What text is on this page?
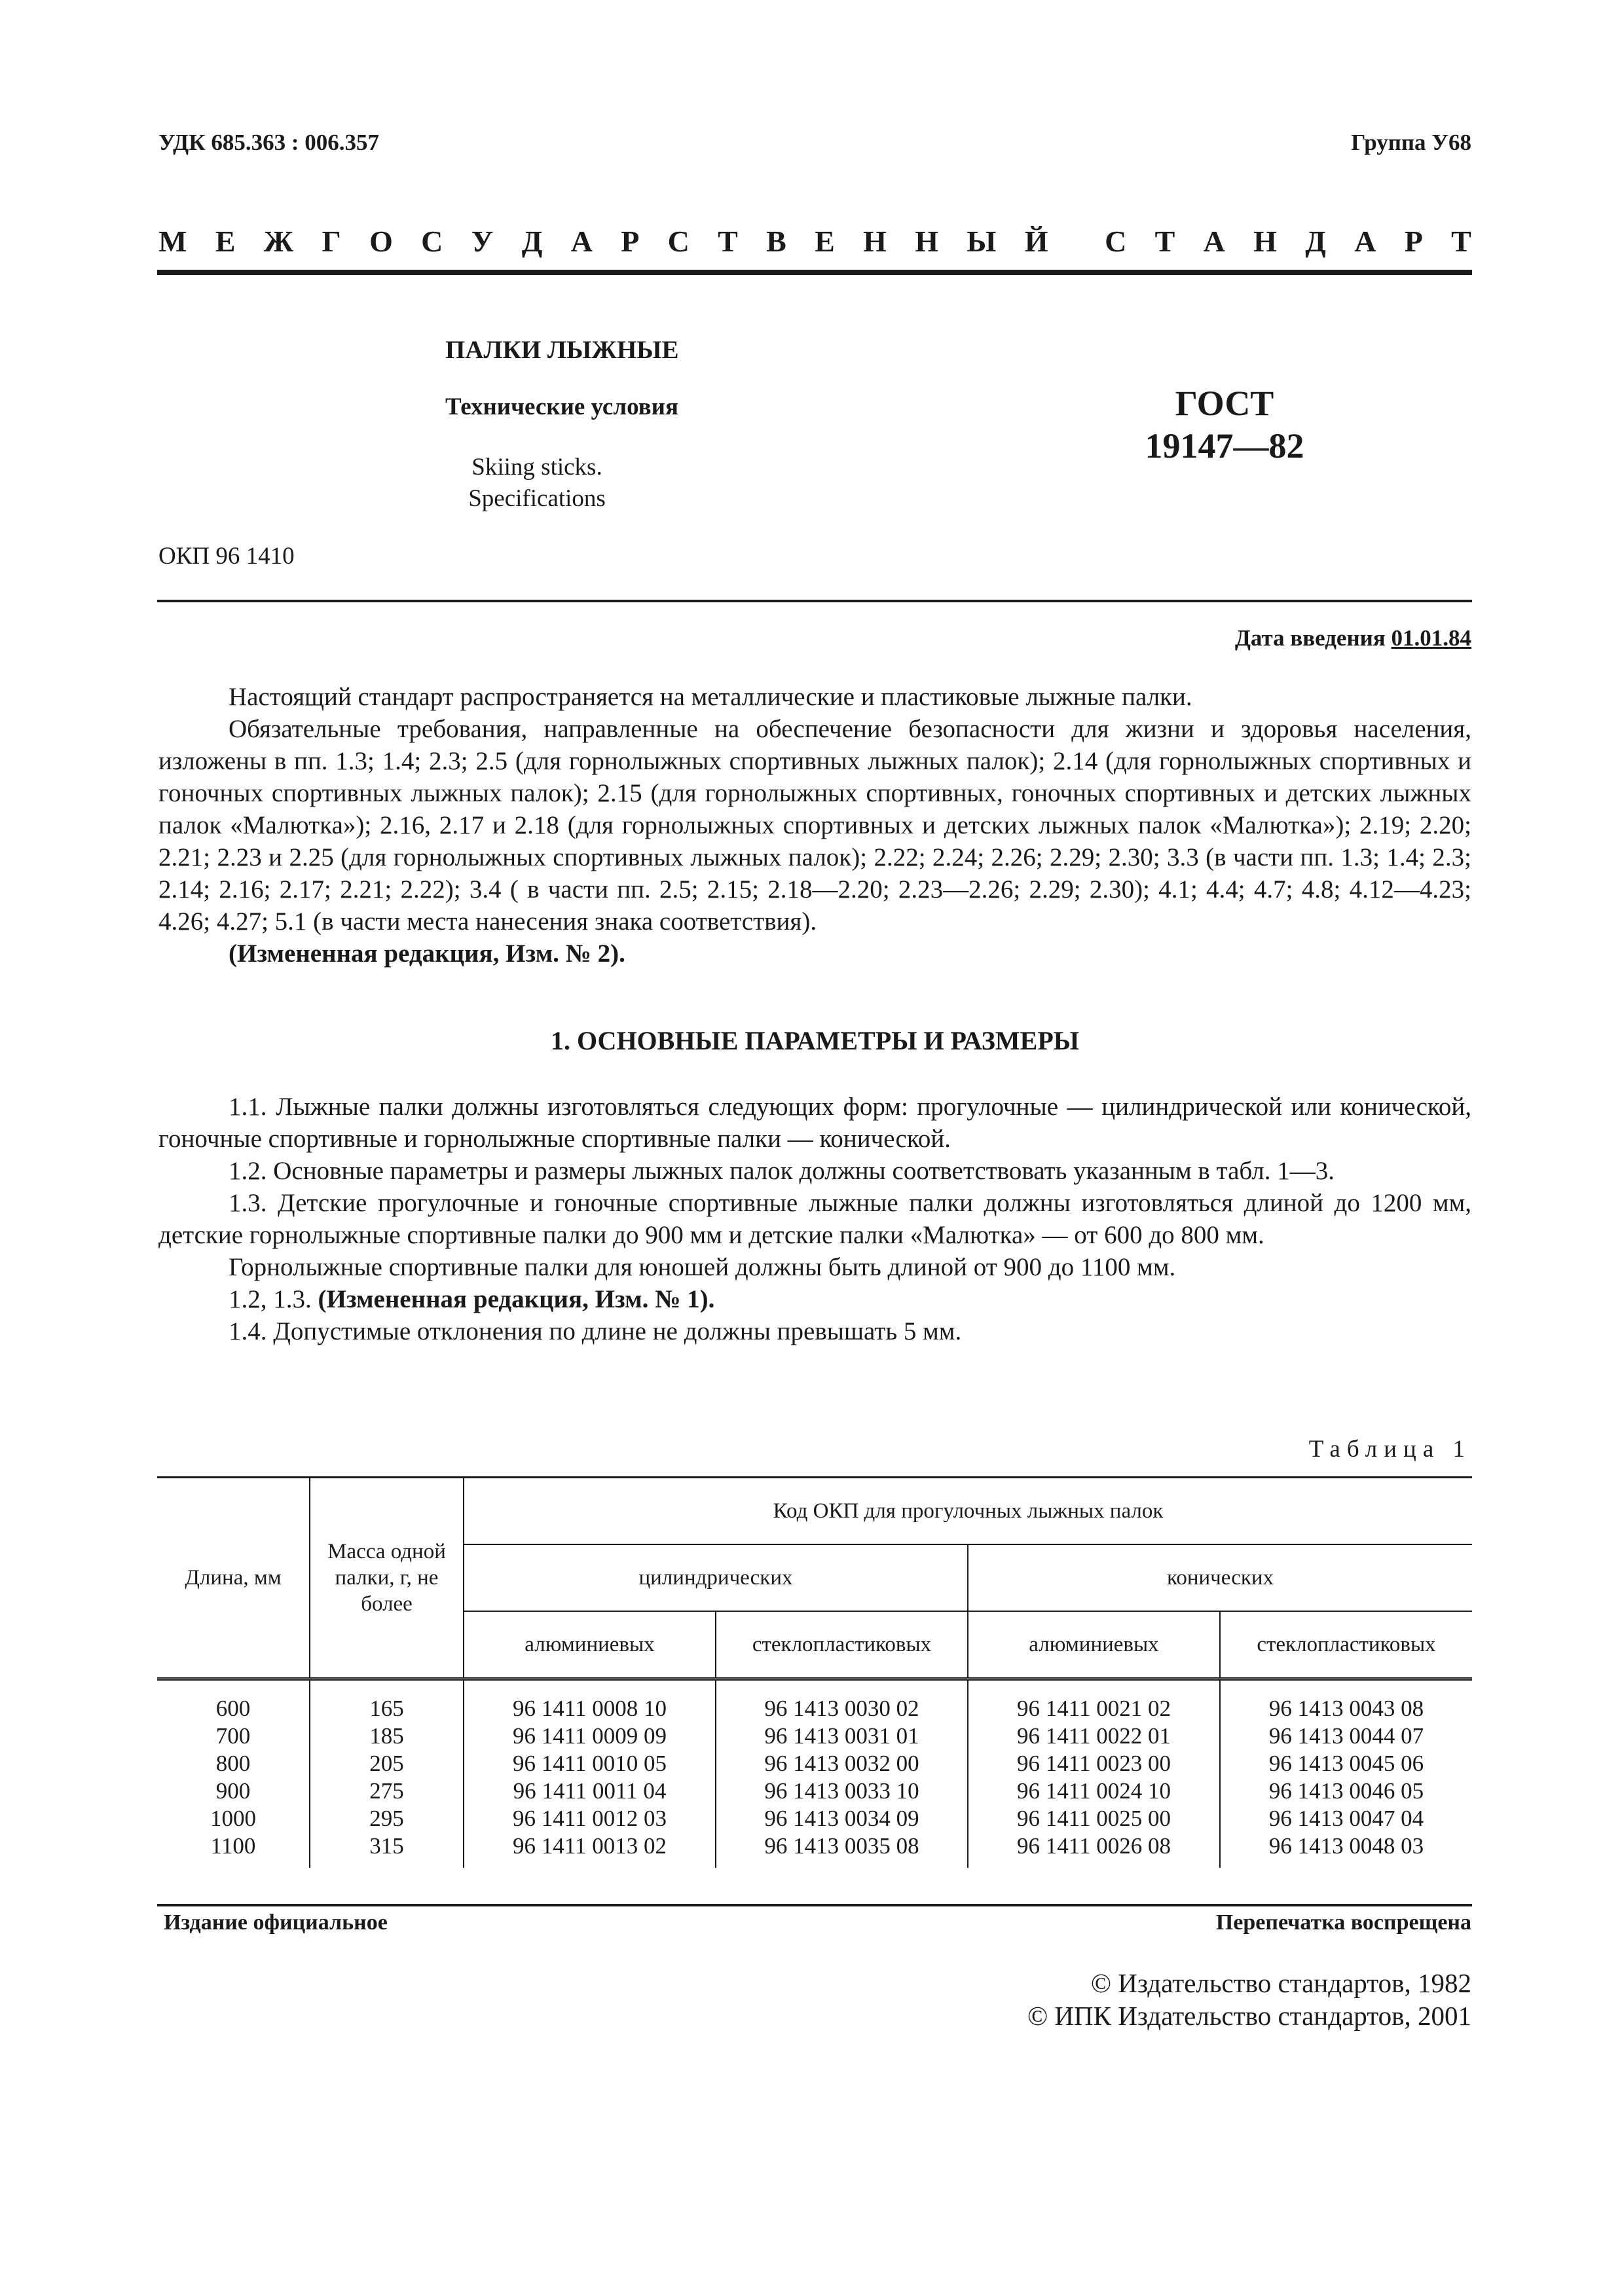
УДК 685.363 : 006.357	Группа У68
М Е Ж Г О С У Д А Р С Т В Е Н Н Ы Й С Т А Н Д А Р Т
ПАЛКИ ЛЫЖНЫЕ
Технические условия
Skiing sticks.
Specifications
ГОСТ
19147—82
ОКП 96 1410
Дата введения 01.01.84

Настоящий стандарт распространяется на металлические и пластиковые лыжные палки.

Обязательные требования, направленные на обеспечение безопасности для жизни и здоровья населения, изложены в пп. 1.3; 1.4; 2.3; 2.5 (для горнолыжных спортивных лыжных палок); 2.14 (для горнолыжных спортивных и гоночных спортивных лыжных палок); 2.15 (для горнолыжных спортивных, гоночных спортивных и детских лыжных палок «Малютка»); 2.16, 2.17 и 2.18 (для горнолыжных спортивных и детских лыжных палок «Малютка»); 2.19; 2.20; 2.21; 2.23 и 2.25 (для горнолыжных спортивных лыжных палок); 2.22; 2.24; 2.26; 2.29; 2.30; 3.3 (в части пп. 1.3; 1.4; 2.3; 2.14; 2.16; 2.17; 2.21; 2.22); 3.4 ( в части пп. 2.5; 2.15; 2.18—2.20; 2.23—2.26; 2.29; 2.30); 4.1; 4.4; 4.7; 4.8; 4.12—4.23; 4.26; 4.27; 5.1 (в части места нанесения знака соответствия).

(Измененная редакция, Изм. № 2).

1. ОСНОВНЫЕ ПАРАМЕТРЫ И РАЗМЕРЫ

1.1. Лыжные палки должны изготовляться следующих форм: прогулочные — цилиндрической или конической, гоночные спортивные и горнолыжные спортивные палки — конической.

1.2. Основные параметры и размеры лыжных палок должны соответствовать указанным в табл. 1—3.

1.3. Детские прогулочные и гоночные спортивные лыжные палки должны изготовляться длиной до 1200 мм, детские горнолыжные спортивные палки до 900 мм и детские палки «Малютка» — от 600 до 800 мм.

Горнолыжные спортивные палки для юношей должны быть длиной от 900 до 1100 мм.

1.2, 1.3. (Измененная редакция, Изм. № 1).

1.4. Допустимые отклонения по длине не должны превышать 5 мм.

Таблица 1
Длина, мм	Масса одной палки, г, не более	Код ОКП для прогулочных лыжных палок			
		цилиндрических		конических	
		алюминиевых	стеклопластиковых	алюминиевых	стеклопластиковых
600	165	96 1411 0008 10	96 1413 0030 02	96 1411 0021 02	96 1413 0043 08
700	185	96 1411 0009 09	96 1413 0031 01	96 1411 0022 01	96 1413 0044 07
800	205	96 1411 0010 05	96 1413 0032 00	96 1411 0023 00	96 1413 0045 06
900	275	96 1411 0011 04	96 1413 0033 10	96 1411 0024 10	96 1413 0046 05
1000	295	96 1411 0012 03	96 1413 0034 09	96 1411 0025 00	96 1413 0047 04
1100	315	96 1411 0013 02	96 1413 0035 08	96 1411 0026 08	96 1413 0048 03
Издание официальное	Перепечатка воспрещена
© Издательство стандартов, 1982
© ИПК Издательство стандартов, 2001
